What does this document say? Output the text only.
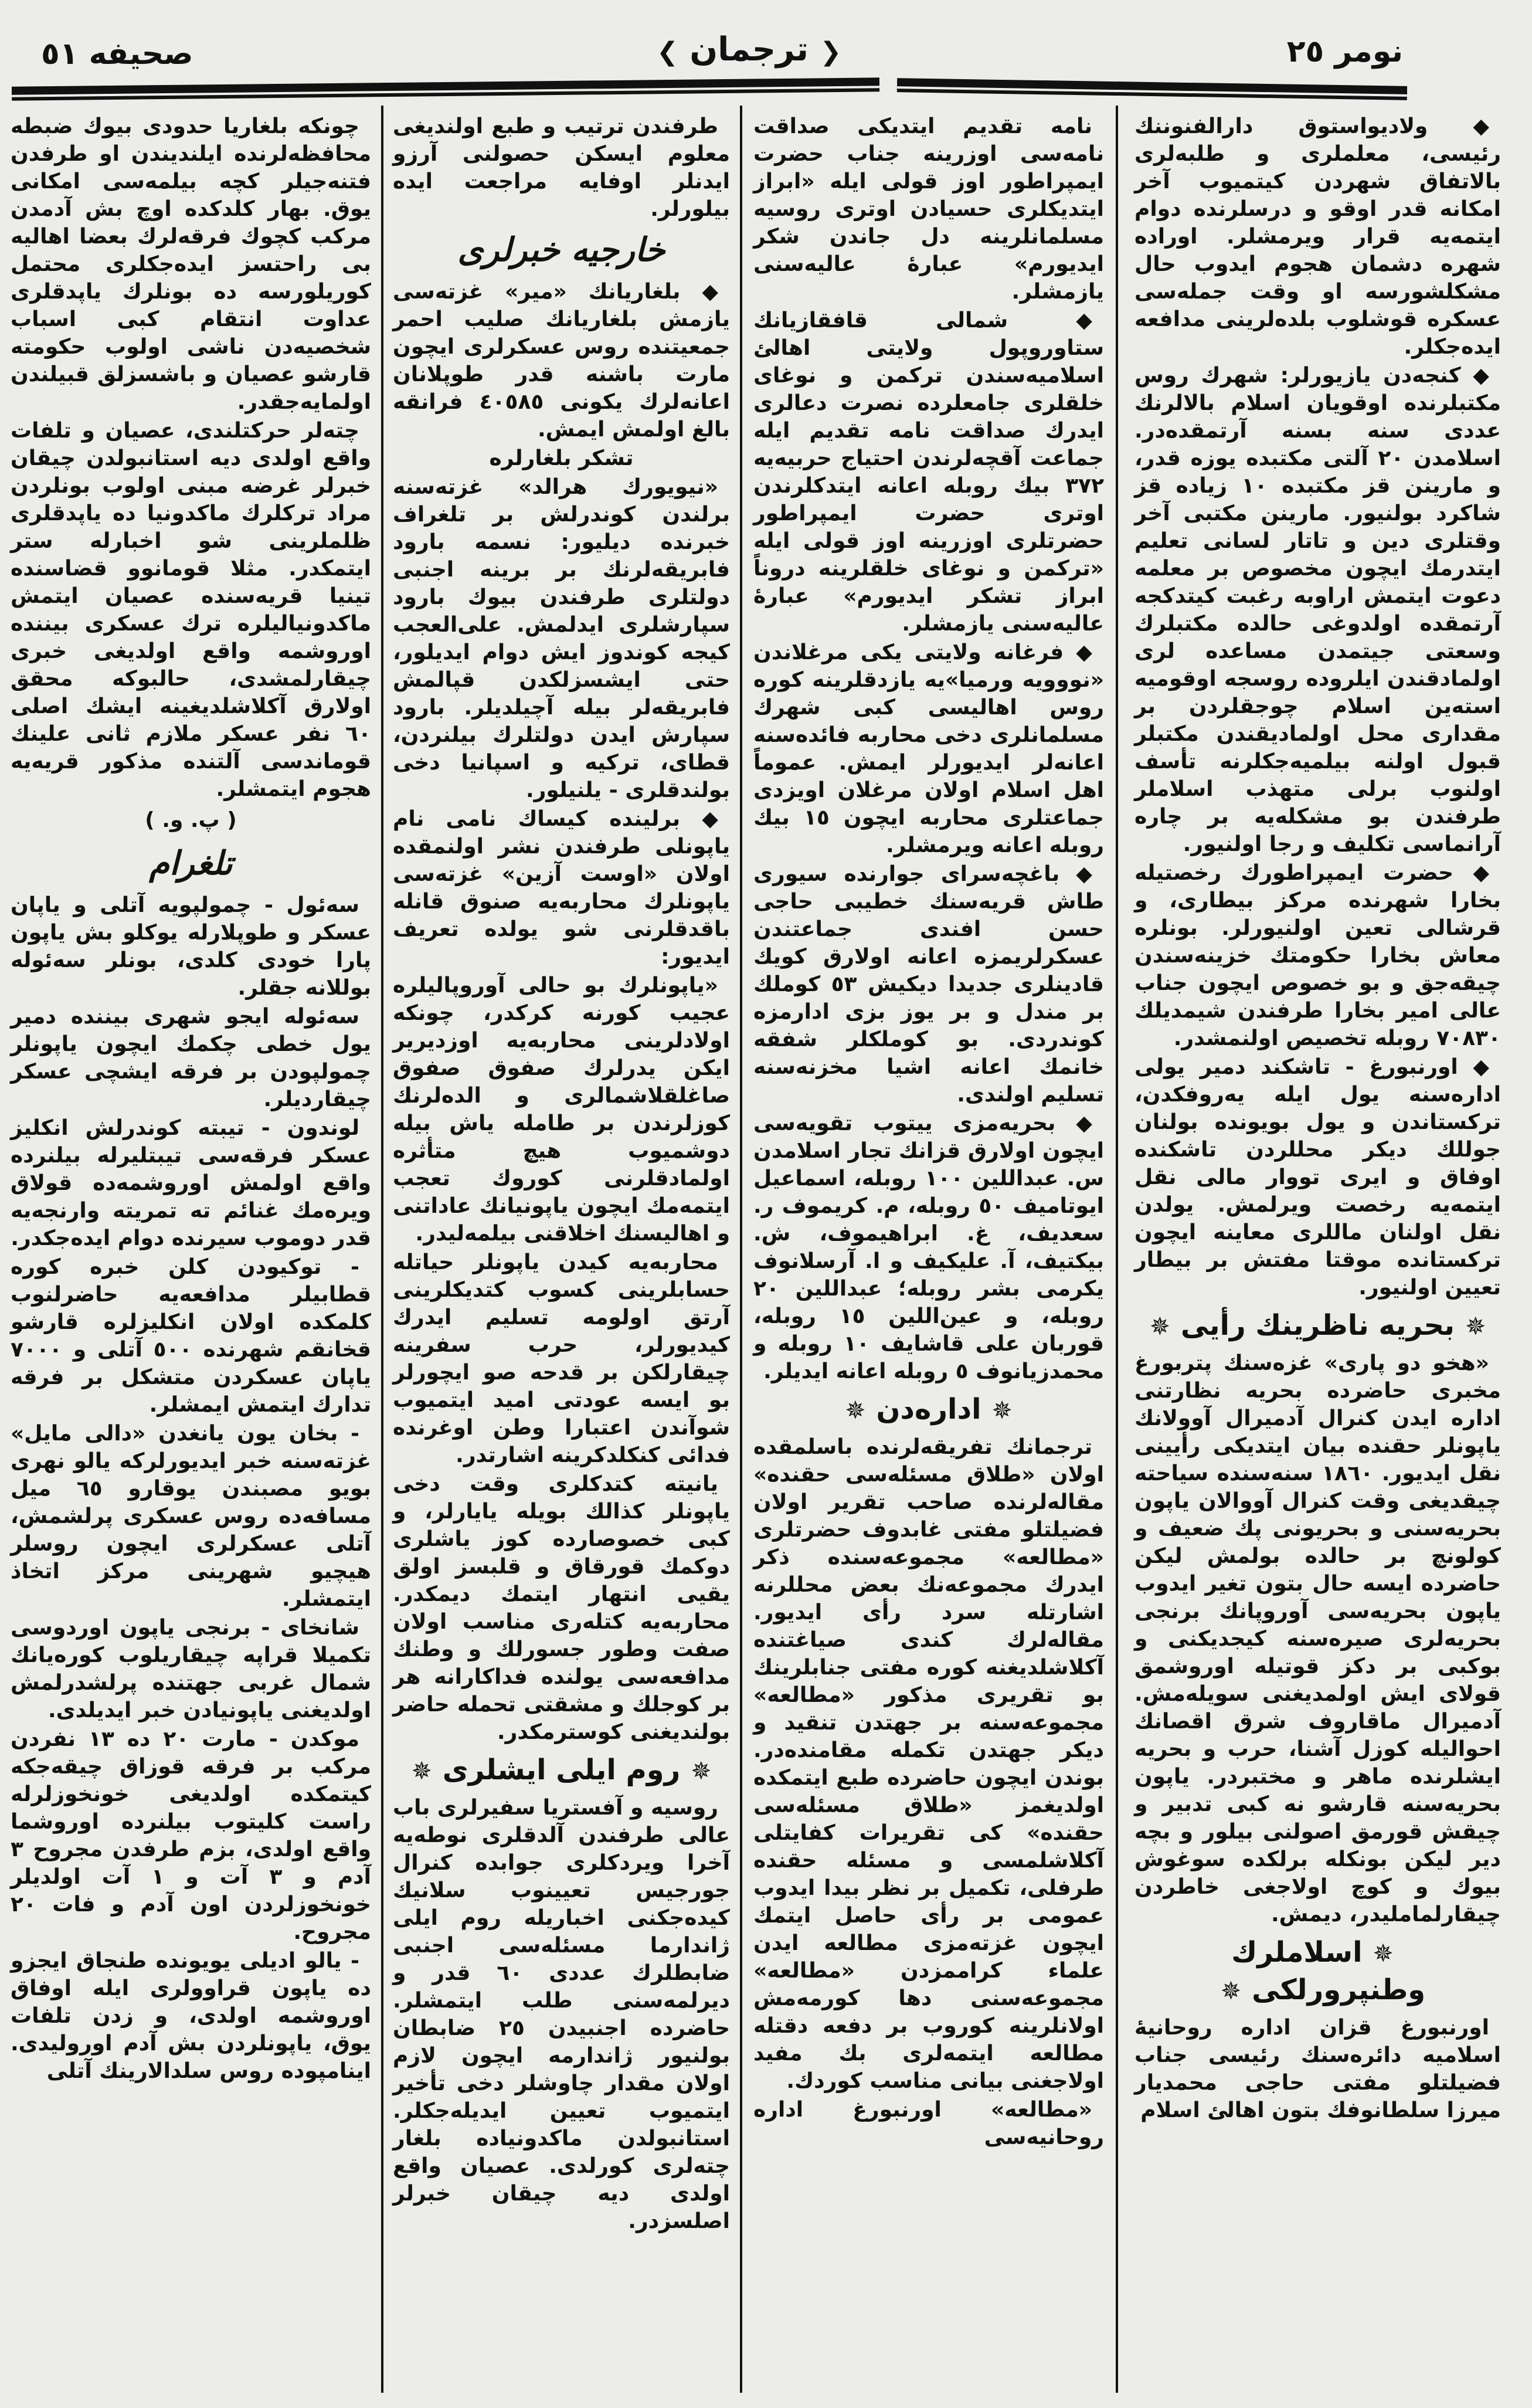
نومر ٢٥
❮ ترجمان ❯
صحيفه ٥١

◆ ولاديواستوق دارالفنوننك رئيسى، معلملرى و طلبه‌لرى بالاتفاق شهردن كيتميوب آخر امكانه قدر اوقو و درسلرنده دوام ايتمه‌يه قرار ويرمشلر. اوراده شهره دشمان هجوم ايدوب حال مشكلشورسه او وقت جمله‌سى عسكره قوشلوب بلده‌لرينى مدافعه ايده‌جكلر.

◆ كنجه‌دن يازيورلر: شهرك روس مكتبلرنده اوقويان اسلام بالالرنك عددى سنه بسنه آرتمقده‌در. اسلامدن ٢٠ آلتى مكتبده يوزه قدر، و مارينن قز مكتبده ١٠ زياده قز شاكرد بولنيور. مارينن مكتبى آخر وقتلرى دين و تاتار لسانى تعليم ايتدرمك ايچون مخصوص بر معلمه دعوت ايتمش اراوبه رغبت كيتدكجه آرتمقده اولدوغى حالده مكتبلرك وسعتى جيتمدن مساعده لرى اولمادقندن ايلروده روسجه اوقوميه استه‌ين اسلام چوجقلردن بر مقدارى محل اولماديقندن مكتبلر قبول اولنه بيلميه‌جكلرنه تأسف اولنوب برلى متهذب اسلاملر طرفندن بو مشكله‌يه بر چاره آرانماسى تكليف و رجا اولنيور.

◆ حضرت ايمپراطورك رخصتيله بخارا شهرنده مركز بيطارى، و قرشالى تعين اولنيورلر. بونلره معاش بخارا حكومتك خزينه‌سندن چيقه‌جق و بو خصوص ايچون جناب عالى امير بخارا طرفندن شيمديلك ٧٠٨٣٠ روبله تخصيص اولنمشدر.

◆ اورنبورغ - تاشكند دمير يولى اداره‌سنه يول ايله يه‌روفكدن، تركستاندن و يول بويونده بولنان جوللك ديكر محللردن تاشكنده اوفاق و ايرى تووار مالى نقل ايتمه‌يه رخصت ويرلمش. يولدن نقل اولنان ماللرى معاينه ايچون تركستانده موقتا مفتش بر بيطار تعيين اولنيور.

✵ بحريه ناظرينك رأيى ✵

«هخو دو پارى» غزه‌سنك پتربورغ مخبرى حاضرده بحريه نظارتنى اداره ايدن كنرال آدميرال آوولانك ياپونلر حقنده بيان ايتديكى رأيينى نقل ايديور. ١٨٦٠ سنه‌سنده سياحته چيقديغى وقت كنرال آووالان ياپون بحريه‌سنى و بحريونى پك ضعيف و كولونچ بر حالده بولمش ليكن حاضرده ايسه حال بتون تغير ايدوب ياپون بحريه‌سى آوروپانك برنجى بحريه‌لرى صيره‌سنه كيجديكنى و بوكبى بر دكز قوتيله اوروشمق قولاى ايش اولمديغنى سويله‌مش. آدميرال ماقاروف شرق اقصانك احواليله كوزل آشنا، حرب و بحريه ايشلرنده ماهر و مختبردر. ياپون بحريه‌سنه قارشو نه كبى تدبير و چيقش قورمق اصولنى بيلور و بچه دير ليكن بونكله برلكده سوغوش بيوك و كوچ اولاجغى خاطردن چيقارلمامليدر، ديمش.

✵ اسلاملرك وطنپرورلكى ✵

اورنبورغ قزان اداره روحانيهٔ اسلاميه دائره‌سنك رئيسى جناب فضيلتلو مفتى حاجى محمديار ميرزا سلطانوفك بتون اهالئ اسلام

نامه تقديم ايتديكى صداقت نامه‌سى اوزرينه جناب حضرت ايمپراطور اوز قولى ايله «ابراز ايتديكلرى حسيادن اوترى روسيه مسلمانلرينه دل جاندن شكر ايديورم» عبارهٔ عاليه‌سنى يازمشلر.

◆ شمالى قافقازيانك ستاوروپول ولايتى اهالئ اسلاميه‌سندن تركمن و نوغاى خلقلرى جامعلرده نصرت دعالرى ايدرك صداقت نامه تقديم ايله جماعت آقچه‌لرندن احتياج حربيه‌يه ٣٧٢ بيك روبله اعانه ايتدكلرندن اوترى حضرت ايمپراطور حضرتلرى اوزرينه اوز قولى ايله «تركمن و نوغاى خلقلرينه دروناً ابراز تشكر ايديورم» عبارهٔ عاليه‌سنى يازمشلر.

◆ فرغانه ولايتى يكى مرغلاندن «نووويه ورميا»يه يازدقلرينه كوره روس اهاليسى كبى شهرك مسلمانلرى دخى محاربه فائده‌سنه اعانه‌لر ايديورلر ايمش. عموماً اهل اسلام اولان مرغلان اويزدى جماعتلرى محاربه ايچون ١٥ بيك روبله اعانه ويرمشلر.

◆ باغچه‌سراى جوارنده سيورى طاش قريه‌سنك خطيبى حاجى حسن افندى جماعتندن عسكرلريمزه اعانه اولارق كويك قادينلرى جديدا ديكيش ٥٣ كوملك بر مندل و بر يوز بزى ادارمزه كوندردى. بو كوملكلر شفقه خانمك اعانه اشيا مخزنه‌سنه تسليم اولندى.

◆ بحريه‌مزى ييتوب تقويه‌سى ايچون اولارق قزانك تجار اسلامدن س. عبداللين ١٠٠ روبله، اسماعيل ايوتاميف ٥٠ روبله، م. كريموف ر. سعديف، غ. ابراهيموف، ش. بيكتيف، آ. عليكيف و ا. آرسلانوف يكرمى بشر روبله؛ عبداللين ٢٠ روبله، و عين‌اللين ١٥ روبله، قوربان على قاشايف ١٠ روبله و محمدزيانوف ٥ روبله اعانه ايديلر.

✵ اداره‌دن ✵

ترجمانك تفريقه‌لرنده باسلمقده اولان «طلاق مسئله‌سى حقنده» مقاله‌لرنده صاحب تقرير اولان فضيلتلو مفتى غابدوف حضرتلرى «مطالعه» مجموعه‌سنده ذكر ايدرك مجموعه‌نك بعض محللرنه اشارتله سرد رأى ايديور. مقاله‌لرك كندى صياغتنده آكلاشلديغنه كوره مفتى جنابلرينك بو تقريرى مذكور «مطالعه» مجموعه‌سنه بر جهتدن تنقيد و ديكر جهتدن تكمله مقامنده‌در. بوندن ايچون حاضرده طبع ايتمكده اولديغمز «طلاق مسئله‌سى حقنده» كى تقريرات كفايتلى آكلاشلمسى و مسئله حقنده طرفلى، تكميل بر نظر بيدا ايدوب عمومى بر رأى حاصل ايتمك ايچون غزته‌مزى مطالعه ايدن علماء كراممزدن «مطالعه» مجموعه‌سنى دها كورمه‌مش اولانلرينه كوروب بر دفعه دقتله مطالعه ايتمه‌لرى بك مفيد اولاجغنى بيانى مناسب كوردك.

«مطالعه» اورنبورغ اداره روحانيه‌سى

طرفندن ترتيب و طبع اولنديغى معلوم ايسكن حصولنى آرزو ايدنلر اوفايه مراجعت ايده بيلورلر.

خارجيه خبرلرى

◆ بلغاريانك «مير» غزته‌سى يازمش بلغاريانك صليب احمر جمعيتنده روس عسكرلرى ايچون مارت باشنه قدر طوپلانان اعانه‌لرك يكونى ٤٠٥٨٥ فرانقه بالغ اولمش ايمش.

تشكر بلغارلره

«نيويورك هرالد» غزته‌سنه برلندن كوندرلش بر تلغراف خبرنده ديليور: نسمه بارود فابريقه‌لرنك بر برينه اجنبى دولتلرى طرفندن بيوك بارود سپارشلرى ايدلمش. على‌العجب كيجه كوندوز ايش دوام ايديلور، حتى ايشسزلكدن قپالمش فابريقه‌لر بيله آچيلديلر. بارود سپارش ايدن دولتلرك بيلنردن، قطاى، تركيه و اسپانيا دخى بولندقلرى - يلنيلور.

◆ برلينده كيساك نامى نام ياپونلى طرفندن نشر اولنمقده اولان «اوست آزين» غزته‌سى ياپونلرك محاربه‌يه صنوق قانله باقدقلرنى شو يولده تعريف ايديور:

«ياپونلرك بو حالى آوروپاليلره عجيب كورنه كركدر، چونكه اولادلرينى محاربه‌يه اوزديرير ايكن يدرلرك صفوق صفوق صاغلقلاشمالرى و الده‌لرنك كوزلرندن بر طامله ياش بيله دوشميوب هيچ متأثره اولمادقلرنى كوروك تعجب ايتمه‌مك ايچون ياپونيانك عاداتنى و اهاليسنك اخلاقنى بيلمه‌ليدر.

محاربه‌يه كيدن ياپونلر حياتله حسابلرينى كسوب كتديكلرينى آرتق اولومه تسليم ايدرك كيديورلر، حرب سفرينه چيقارلكن بر قدحه صو ايچورلر بو ايسه عودتى اميد ايتميوب شوآندن اعتبارا وطن اوغرنده فدائى كنكلدكرينه اشارتدر.

يانيته كتدكلرى وقت دخى ياپونلر كذالك بويله يايارلر، و كبى خصوصارده كوز ياشلرى دوكمك قورقاق و قلبسز اولق يقيى انتهار ايتمك ديمكدر. محاربه‌يه كتله‌رى مناسب اولان صفت وطور جسورلك و وطنك مدافعه‌سى يولنده فداكارانه هر بر كوجلك و مشقتى تحمله حاضر بولنديغنى كوسترمكدر.

✵ روم ايلى ايشلرى ✵

روسيه و آفستريا سفيرلرى باب عالى طرفندن آلدقلرى نوطه‌يه آخرا ويردكلرى جوابده كنرال جورجيس تعيينوب سلانيك كيده‌جكنى اخباريله روم ايلى ژاندارما مسئله‌سى اجنبى ضابطلرك عددى ٦٠ قدر و ديرلمه‌سنى طلب ايتمشلر. حاضرده اجنبيدن ٢٥ ضابطان بولنيور ژاندارمه ايچون لازم اولان مقدار چاوشلر دخى تأخير ايتميوب تعيين ايديله‌جكلر. استانبولدن ماكدونياده بلغار چته‌لرى كورلدى. عصيان واقع اولدى ديه چيقان خبرلر اصلسزدر.

چونكه بلغاريا حدودى بيوك ضبطه محافظه‌لرنده ايلنديندن او طرفدن فتنه‌جيلر كچه بيلمه‌سى امكانى يوق. بهار كلدكده اوچ بش آدمدن مركب كچوك فرقه‌لرك بعضا اهاليه بى راحتسز ايده‌جكلرى محتمل كوريلورسه ده بونلرك ياپدقلرى عداوت انتقام كبى اسباب شخصيه‌دن ناشى اولوب حكومته قارشو عصيان و باشسزلق قبيلندن اولمايه‌جقدر.

چته‌لر حركتلندى، عصيان و تلفات واقع اولدى ديه استانبولدن چيقان خبرلر غرضه مبنى اولوب بونلردن مراد تركلرك ماكدونيا ده ياپدقلرى ظلملرينى شو اخبارله ستر ايتمكدر. مثلا قومانوو قضاسنده تينيا قريه‌سنده عصيان ايتمش ماكدونياليلره ترك عسكرى بيننده اوروشمه واقع اولديغى خبرى چيقارلمشدى، حالبوكه محقق اولارق آكلاشلديغينه ايشك اصلى ٦٠ نفر عسكر ملازم ثانى علينك قوماندسى آلتنده مذكور قريه‌يه هجوم ايتمشلر.

( پ. و. )

تلغرام

سه‌ئول - چمولپويه آتلى و ياپان عسكر و طوپلارله يوكلو بش ياپون پارا خودى كلدى، بونلر سه‌ئوله بوللانه جقلر.

سه‌ئوله ايجو شهرى بيننده دمير يول خطى چكمك ايچون ياپونلر چمولپودن بر فرقه ايشچى عسكر چيقارديلر.

لوندون - تيبته كوندرلش انكليز عسكر فرقه‌سى تيبتليرله بيلنرده واقع اولمش اوروشمه‌ده قولاق ويره‌مك غنائم ته تمريته وارنجه‌يه قدر دوموب سيرنده دوام ايده‌جكدر.

- توكيودن كلن خبره كوره قطابيلر مدافعه‌يه حاضرلنوب كلمكده اولان انكليزلره قارشو قخانقم شهرنده ٥٠٠ آتلى و ٧٠٠٠ ياپان عسكردن متشكل بر فرقه تدارك ايتمش ايمشلر.

- بخان يون يانغدن «دالى مايل» غزته‌سنه خبر ايديورلركه يالو نهرى بويو مصبندن يوقارو ٦٥ ميل مسافه‌ده روس عسكرى پرلشمش، آتلى عسكرلرى ايچون روسلر هيچيو شهرينى مركز اتخاذ ايتمشلر.

شانخاى - برنجى ياپون اوردوسى تكميلا قراپه چيقاريلوب كوره‌يانك شمال غربى جهتنده پرلشدرلمش اولديغنى ياپونيادن خبر ايديلدى.

موكدن - مارت ٢٠ ده ١٣ نفردن مركب بر فرقه قوزاق چيقه‌جكه كيتمكده اولديغى خونخوزلرله راست كليتوب بيلنرده اوروشما واقع اولدى، بزم طرفدن مجروح ٣ آدم و ٣ آت و ١ آت اولديلر خونخوزلردن اون آدم و فات ٢٠ مجروح.

- يالو اديلى يويونده طنجاق ايجزو ده ياپون قراوولرى ايله اوفاق اوروشمه اولدى، و زدن تلفات يوق، ياپونلردن بش آدم اوروليدى. اينامپوده روس سلدالارينك آتلى
